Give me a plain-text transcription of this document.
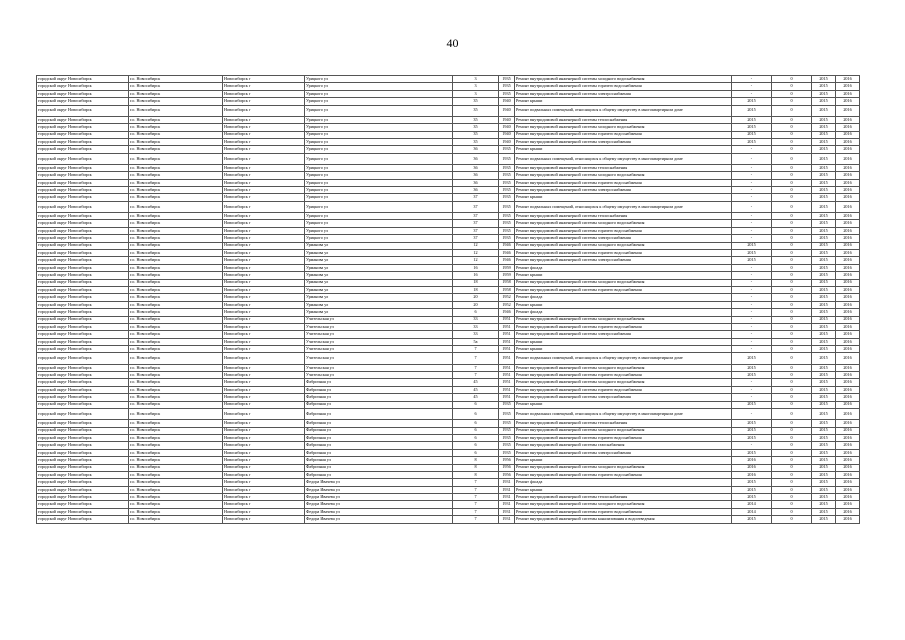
40
городской округ Новосибирск	г.о. Новосибирск	Новосибирск г	Урицкого ул	3	1935	Ремонт внутридомовой инженерной системы холодного водоснабжения	-	0	2015	2016
городской округ Новосибирск	г.о. Новосибирск	Новосибирск г	Урицкого ул	3	1935	Ремонт внутридомовой инженерной системы горячего водоснабжения	-	0	2015	2016
городской округ Новосибирск	г.о. Новосибирск	Новосибирск г	Урицкого ул	3	1935	Ремонт внутридомовой инженерной системы электроснабжения	-	0	2015	2016
городской округ Новосибирск	г.о. Новосибирск	Новосибирск г	Урицкого ул	35	1940	Ремонт крыши	2015	0	2015	2016
городской округ Новосибирск	г.о. Новосибирск	Новосибирск г	Урицкого ул	35	1940	Ремонт подвальных помещений, относящихся к общему имуществу в многоквартирном доме	2015	0	2015	2016
городской округ Новосибирск	г.о. Новосибирск	Новосибирск г	Урицкого ул	35	1940	Ремонт внутридомовой инженерной системы теплоснабжения	2015	0	2015	2016
городской округ Новосибирск	г.о. Новосибирск	Новосибирск г	Урицкого ул	35	1940	Ремонт внутридомовой инженерной системы холодного водоснабжения	2015	0	2015	2016
городской округ Новосибирск	г.о. Новосибирск	Новосибирск г	Урицкого ул	35	1940	Ремонт внутридомовой инженерной системы горячего водоснабжения	2015	0	2015	2016
городской округ Новосибирск	г.о. Новосибирск	Новосибирск г	Урицкого ул	35	1940	Ремонт внутридомовой инженерной системы электроснабжения	2015	0	2015	2016
городской округ Новосибирск	г.о. Новосибирск	Новосибирск г	Урицкого ул	36	1935	Ремонт крыши	-	0	2015	2016
городской округ Новосибирск	г.о. Новосибирск	Новосибирск г	Урицкого ул	36	1935	Ремонт подвальных помещений, относящихся к общему имуществу в многоквартирном доме	-	0	2015	2016
городской округ Новосибирск	г.о. Новосибирск	Новосибирск г	Урицкого ул	36	1935	Ремонт внутридомовой инженерной системы теплоснабжения	-	0	2015	2016
городской округ Новосибирск	г.о. Новосибирск	Новосибирск г	Урицкого ул	36	1935	Ремонт внутридомовой инженерной системы холодного водоснабжения	-	0	2015	2016
городской округ Новосибирск	г.о. Новосибирск	Новосибирск г	Урицкого ул	36	1935	Ремонт внутридомовой инженерной системы горячего водоснабжения	-	0	2015	2016
городской округ Новосибирск	г.о. Новосибирск	Новосибирск г	Урицкого ул	36	1935	Ремонт внутридомовой инженерной системы электроснабжения	-	0	2015	2016
городской округ Новосибирск	г.о. Новосибирск	Новосибирск г	Урицкого ул	37	1935	Ремонт крыши	-	0	2015	2016
городской округ Новосибирск	г.о. Новосибирск	Новосибирск г	Урицкого ул	37	1935	Ремонт подвальных помещений, относящихся к общему имуществу в многоквартирном доме	-	0	2015	2016
городской округ Новосибирск	г.о. Новосибирск	Новосибирск г	Урицкого ул	37	1935	Ремонт внутридомовой инженерной системы теплоснабжения	-	0	2015	2016
городской округ Новосибирск	г.о. Новосибирск	Новосибирск г	Урицкого ул	37	1935	Ремонт внутридомовой инженерной системы холодного водоснабжения	-	0	2015	2016
городской округ Новосибирск	г.о. Новосибирск	Новосибирск г	Урицкого ул	37	1935	Ремонт внутридомовой инженерной системы горячего водоснабжения	-	0	2015	2016
городской округ Новосибирск	г.о. Новосибирск	Новосибирск г	Урицкого ул	37	1935	Ремонт внутридомовой инженерной системы электроснабжения	-	0	2015	2016
городской округ Новосибирск	г.о. Новосибирск	Новосибирск г	Урманова ул	12	1946	Ремонт внутридомовой инженерной системы холодного водоснабжения	2015	0	2015	2016
городской округ Новосибирск	г.о. Новосибирск	Новосибирск г	Урманова ул	12	1946	Ремонт внутридомовой инженерной системы горячего водоснабжения	2015	0	2015	2016
городской округ Новосибирск	г.о. Новосибирск	Новосибирск г	Урманова ул	12	1946	Ремонт внутридомовой инженерной системы электроснабжения	2015	0	2015	2016
городской округ Новосибирск	г.о. Новосибирск	Новосибирск г	Урманова ул	16	1959	Ремонт фасада	-	0	2015	2016
городской округ Новосибирск	г.о. Новосибирск	Новосибирск г	Урманова ул	16	1959	Ремонт крыши	-	0	2015	2016
городской округ Новосибирск	г.о. Новосибирск	Новосибирск г	Урманова ул	18	1958	Ремонт внутридомовой инженерной системы холодного водоснабжения	-	0	2015	2016
городской округ Новосибирск	г.о. Новосибирск	Новосибирск г	Урманова ул	18	1958	Ремонт внутридомовой инженерной системы горячего водоснабжения	-	0	2015	2016
городской округ Новосибирск	г.о. Новосибирск	Новосибирск г	Урманова ул	20	1952	Ремонт фасада	-	0	2015	2016
городской округ Новосибирск	г.о. Новосибирск	Новосибирск г	Урманова ул	20	1952	Ремонт крыши	-	0	2015	2016
городской округ Новосибирск	г.о. Новосибирск	Новосибирск г	Урманова ул	6	1946	Ремонт фасада	-	0	2015	2016
городской округ Новосибирск	г.о. Новосибирск	Новосибирск г	Учительская ул	33	1951	Ремонт внутридомовой инженерной системы холодного водоснабжения	-	0	2015	2016
городской округ Новосибирск	г.о. Новосибирск	Новосибирск г	Учительская ул	33	1951	Ремонт внутридомовой инженерной системы горячего водоснабжения	-	0	2015	2016
городской округ Новосибирск	г.о. Новосибирск	Новосибирск г	Учительская ул	33	1951	Ремонт внутридомовой инженерной системы электроснабжения	-	0	2015	2016
городской округ Новосибирск	г.о. Новосибирск	Новосибирск г	Учительская ул	5а	1951	Ремонт крыши	-	0	2015	2016
городской округ Новосибирск	г.о. Новосибирск	Новосибирск г	Учительская ул	7	1951	Ремонт крыши	-	0	2015	2016
городской округ Новосибирск	г.о. Новосибирск	Новосибирск г	Учительская ул	7	1951	Ремонт подвальных помещений, относящихся к общему имуществу в многоквартирном доме	2015	0	2015	2016
городской округ Новосибирск	г.о. Новосибирск	Новосибирск г	Учительская ул	7	1951	Ремонт внутридомовой инженерной системы холодного водоснабжения	2015	0	2015	2016
городской округ Новосибирск	г.о. Новосибирск	Новосибирск г	Учительская ул	7	1951	Ремонт внутридомовой инженерной системы горячего водоснабжения	2015	0	2015	2016
городской округ Новосибирск	г.о. Новосибирск	Новосибирск г	Фабричная ул	45	1951	Ремонт внутридомовой инженерной системы холодного водоснабжения	-	0	2015	2016
городской округ Новосибирск	г.о. Новосибирск	Новосибирск г	Фабричная ул	45	1951	Ремонт внутридомовой инженерной системы горячего водоснабжения	-	0	2015	2016
городской округ Новосибирск	г.о. Новосибирск	Новосибирск г	Фабричная ул	45	1951	Ремонт внутридомовой инженерной системы электроснабжения	-	0	2015	2016
городской округ Новосибирск	г.о. Новосибирск	Новосибирск г	Фабричная ул	6	1935	Ремонт крыши	2015	0	2015	2016
городской округ Новосибирск	г.о. Новосибирск	Новосибирск г	Фабричная ул	6	1935	Ремонт подвальных помещений, относящихся к общему имуществу в многоквартирном доме	-	0	2015	2016
городской округ Новосибирск	г.о. Новосибирск	Новосибирск г	Фабричная ул	6	1935	Ремонт внутридомовой инженерной системы теплоснабжения	2015	0	2015	2016
городской округ Новосибирск	г.о. Новосибирск	Новосибирск г	Фабричная ул	6	1935	Ремонт внутридомовой инженерной системы холодного водоснабжения	2015	0	2015	2016
городской округ Новосибирск	г.о. Новосибирск	Новосибирск г	Фабричная ул	6	1935	Ремонт внутридомовой инженерной системы горячего водоснабжения	2015	0	2015	2016
городской округ Новосибирск	г.о. Новосибирск	Новосибирск г	Фабричная ул	6	1935	Ремонт внутридомовой инженерной системы газоснабжения	-	0	2015	2016
городской округ Новосибирск	г.о. Новосибирск	Новосибирск г	Фабричная ул	6	1935	Ремонт внутридомовой инженерной системы электроснабжения	2015	0	2015	2016
городской округ Новосибирск	г.о. Новосибирск	Новосибирск г	Фабричная ул	8	1956	Ремонт крыши	2016	0	2015	2016
городской округ Новосибирск	г.о. Новосибирск	Новосибирск г	Фабричная ул	8	1956	Ремонт внутридомовой инженерной системы холодного водоснабжения	2016	0	2015	2016
городской округ Новосибирск	г.о. Новосибирск	Новосибирск г	Фабричная ул	8	1956	Ремонт внутридомовой инженерной системы горячего водоснабжения	2016	0	2015	2016
городской округ Новосибирск	г.о. Новосибирск	Новосибирск г	Федора Ивачева ул	7	1931	Ремонт фасада	2015	0	2015	2016
городской округ Новосибирск	г.о. Новосибирск	Новосибирск г	Федора Ивачева ул	7	1931	Ремонт крыши	2015	0	2015	2016
городской округ Новосибирск	г.о. Новосибирск	Новосибирск г	Федора Ивачева ул	7	1931	Ремонт внутридомовой инженерной системы теплоснабжения	2015	0	2015	2016
городской округ Новосибирск	г.о. Новосибирск	Новосибирск г	Федора Ивачева ул	7	1931	Ремонт внутридомовой инженерной системы холодного водоснабжения	2014	0	2015	2016
городской округ Новосибирск	г.о. Новосибирск	Новосибирск г	Федора Ивачева ул	7	1931	Ремонт внутридомовой инженерной системы горячего водоснабжения	2014	0	2015	2016
городской округ Новосибирск	г.о. Новосибирск	Новосибирск г	Федора Ивачева ул	7	1931	Ремонт внутридомовой инженерной системы канализования и водоотведения	2015	0	2015	2016
